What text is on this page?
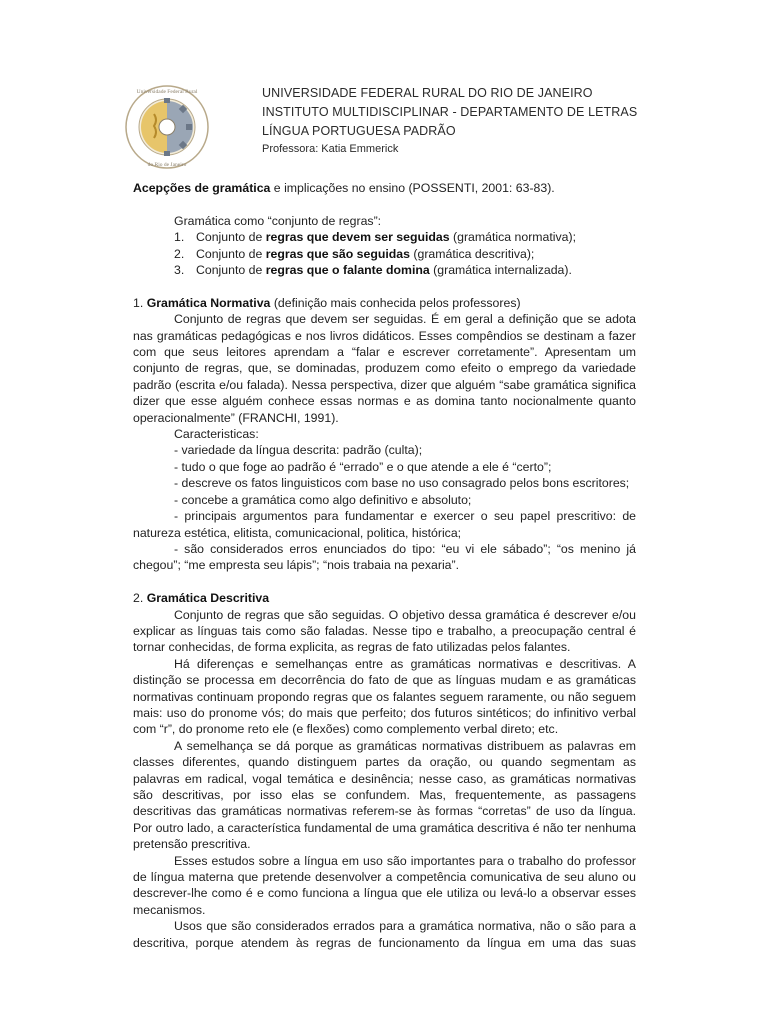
Universidade Federal Rural
do Rio de Janeiro
UNIVERSIDADE FEDERAL RURAL DO RIO DE JANEIRO
INSTITUTO MULTIDISCIPLINAR - DEPARTAMENTO DE LETRAS
LÍNGUA PORTUGUESA PADRÃO
Professora: Katia Emmerick

Acepções de gramática e implicações no ensino (POSSENTI, 2001: 63-83).

Gramática como “conjunto de regras”:

1. Conjunto de regras que devem ser seguidas (gramática normativa);
2. Conjunto de regras que são seguidas (gramática descritiva);
3. Conjunto de regras que o falante domina (gramática internalizada).

1. Gramática Normativa (definição mais conhecida pelos professores)

Conjunto de regras que devem ser seguidas. É em geral a definição que se adota nas gramáticas pedagógicas e nos livros didáticos. Esses compêndios se destinam a fazer com que seus leitores aprendam a “falar e escrever corretamente”. Apresentam um conjunto de regras, que, se dominadas, produzem como efeito o emprego da variedade padrão (escrita e/ou falada). Nessa perspectiva, dizer que alguém “sabe gramática significa dizer que esse alguém conhece essas normas e as domina tanto nocionalmente quanto operacionalmente” (FRANCHI, 1991).

Caracteristicas:

- variedade da língua descrita: padrão (culta);

- tudo o que foge ao padrão é “errado” e o que atende a ele é “certo”;

- descreve os fatos linguisticos com base no uso consagrado pelos bons escritores;

- concebe a gramática como algo definitivo e absoluto;

- principais argumentos para fundamentar e exercer o seu papel prescritivo: de natureza estética, elitista, comunicacional, politica, histórica;

- são considerados erros enunciados do tipo: “eu vi ele sábado”; “os menino já chegou”; “me empresta seu lápis”; “nois trabaia na pexaria”.

2. Gramática Descritiva

Conjunto de regras que são seguidas. O objetivo dessa gramática é descrever e/ou explicar as línguas tais como são faladas. Nesse tipo e trabalho, a preocupação central é tornar conhecidas, de forma explicita, as regras de fato utilizadas pelos falantes.

Há diferenças e semelhanças entre as gramáticas normativas e descritivas. A distinção se processa em decorrência do fato de que as línguas mudam e as gramáticas normativas continuam propondo regras que os falantes seguem raramente, ou não seguem mais: uso do pronome vós; do mais que perfeito; dos futuros sintéticos; do infinitivo verbal com “r”, do pronome reto ele (e flexões) como complemento verbal direto; etc.

A semelhança se dá porque as gramáticas normativas distribuem as palavras em classes diferentes, quando distinguem partes da oração, ou quando segmentam as palavras em radical, vogal temática e desinência; nesse caso, as gramáticas normativas são descritivas, por isso elas se confundem. Mas, frequentemente, as passagens descritivas das gramáticas normativas referem-se às formas “corretas” de uso da língua. Por outro lado, a característica fundamental de uma gramática descritiva é não ter nenhuma pretensão prescritiva.

Esses estudos sobre a língua em uso são importantes para o trabalho do professor de língua materna que pretende desenvolver a competência comunicativa de seu aluno ou descrever-lhe como é e como funciona a língua que ele utiliza ou levá-lo a observar esses mecanismos.

Usos que são considerados errados para a gramática normativa, não o são para a descritiva, porque atendem às regras de funcionamento da língua em uma das suas
